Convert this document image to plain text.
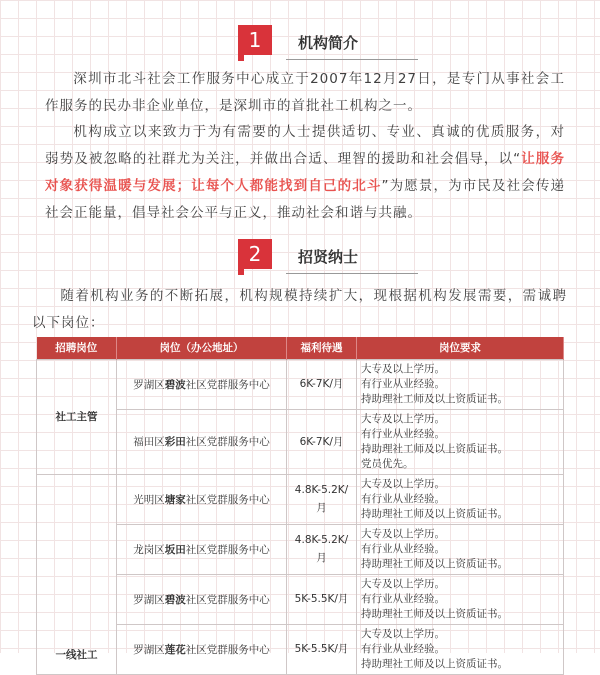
1	机构简介
深圳市北斗社会工作服务中心成立于2007年12月27日，是专门从事社会工作服务的民办非企业单位，是深圳市的首批社工机构之一。
机构成立以来致力于为有需要的人士提供适切、专业、真诚的优质服务，对弱势及被忽略的社群尤为关注，并做出合适、理智的援助和社会倡导，以“让服务对象获得温暖与发展；让每个人都能找到自己的北斗”为愿景，为市民及社会传递社会正能量，倡导社会公平与正义，推动社会和谐与共融。
2	招贤纳士
随着机构业务的不断拓展，机构规模持续扩大，现根据机构发展需要，需诚聘以下岗位：
招聘岗位	岗位（办公地址）	福利待遇	岗位要求
社工主管	罗湖区碧波社区党群服务中心	6K-7K/月	大专及以上学历。
有行业从业经验。
持助理社工师及以上资质证书。

	福田区彩田社区党群服务中心	6K-7K/月	大专及以上学历。
有行业从业经验。
持助理社工师及以上资质证书。
党员优先。

一线社工	光明区塘家社区党群服务中心	4.8K-5.2K/月	大专及以上学历。
有行业从业经验。
持助理社工师及以上资质证书。

	龙岗区坂田社区党群服务中心	4.8K-5.2K/月	大专及以上学历。
有行业从业经验。
持助理社工师及以上资质证书。

	罗湖区碧波社区党群服务中心	5K-5.5K/月	大专及以上学历。
有行业从业经验。
持助理社工师及以上资质证书。

	罗湖区莲花社区党群服务中心	5K-5.5K/月	大专及以上学历。
有行业从业经验。
持助理社工师及以上资质证书。
